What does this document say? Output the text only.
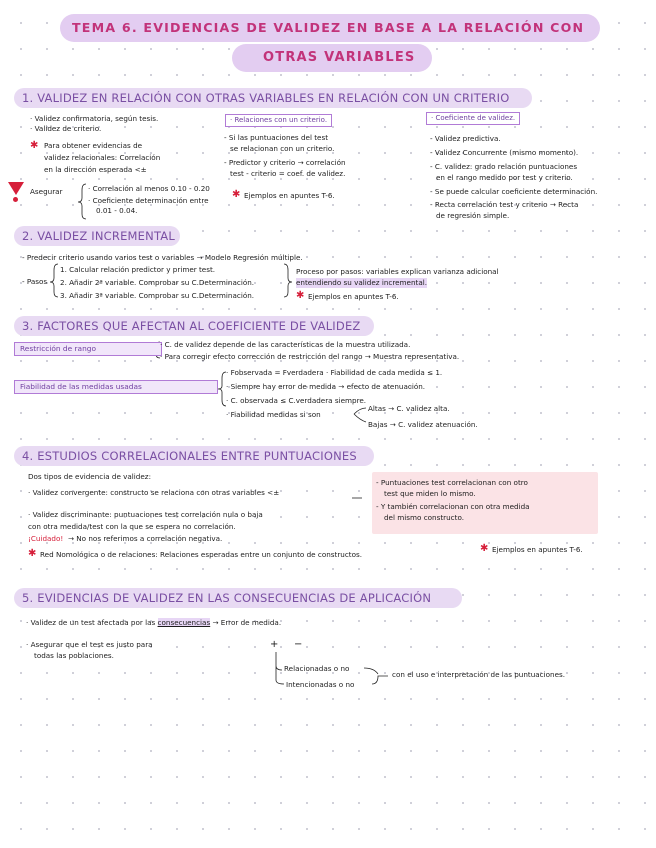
TEMA 6. EVIDENCIAS DE VALIDEZ EN BASE A LA RELACIÓN CON
OTRAS VARIABLES
1. VALIDEZ EN RELACIÓN CON OTRAS VARIABLES EN RELACIÓN CON UN CRITERIO
· Validez confirmatoria, según tesis.
· Validez de criterio.
✱ Para obtener evidencias de
validez relacionales: Correlación
en la dirección esperada <±
Asegurar	· Correlación al menos 0.10 - 0.20
· Coeficiente determinación entre
0.01 - 0.04.
· Relaciones con un criterio.
- Si las puntuaciones del test
se relacionan con un criterio.
- Predictor y criterio → correlación
test - criterio = coef. de validez.
✱ Ejemplos en apuntes T-6.
· Coeficiente de validez.
- Validez predictiva.
- Validez Concurrente (mismo momento).
- C. validez: grado relación puntuaciones
en el rango medido por test y criterio.
- Se puede calcular coeficiente determinación.
- Recta correlación test y criterio → Recta
de regresión simple.
2. VALIDEZ INCREMENTAL
- Predecir criterio usando varios test o variables → Modelo Regresión múltiple.
- Pasos
1. Calcular relación predictor y primer test.
2. Añadir 2ª variable. Comprobar su C.Determinación.
3. Añadir 3ª variable. Comprobar su C.Determinación.
Proceso por pasos: variables explican varianza adicional
entendiendo su validez incremental.
✱ Ejemplos en apuntes T-6.
3. FACTORES QUE AFECTAN AL COEFICIENTE DE VALIDEZ
Restricción de rango	· C. de validez depende de las características de la muestra utilizada.
· Para corregir efecto corrección de restricción del rango → Muestra representativa.
Fiabilidad de las medidas usadas
· Fobservada = Fverdadera · Fiabilidad de cada medida ≤ 1.
· Siempre hay error de medida → efecto de atenuación.
· C. observada ≤ C.verdadera siempre.
· Fiabilidad medidas si son
Altas → C. validez alta.
Bajas → C. validez atenuación.
4. ESTUDIOS CORRELACIONALES ENTRE PUNTUACIONES
Dos tipos de evidencia de validez:
· Validez convergente: constructo se relaciona con otras variables <±
· Validez discriminante: puntuaciones test correlación nula o baja
con otra medida/test con la que se espera no correlación.
¡Cuidado! → No nos referimos a correlación negativa.
✱ Red Nomológica o de relaciones: Relaciones esperadas entre un conjunto de constructos.
✱ Ejemplos en apuntes T-6.
- Puntuaciones test correlacionan con otro
test que miden lo mismo.
- Y también correlacionan con otra medida
del mismo constructo.
5. EVIDENCIAS DE VALIDEZ EN LAS CONSECUENCIAS DE APLICACIÓN
· Validez de un test afectada por las consecuencias → Error de medida.
· Asegurar que el test es justo para
todas las poblaciones.
+ −
Relacionadas o no
Intencionadas o no
con el uso e interpretación de las puntuaciones.
